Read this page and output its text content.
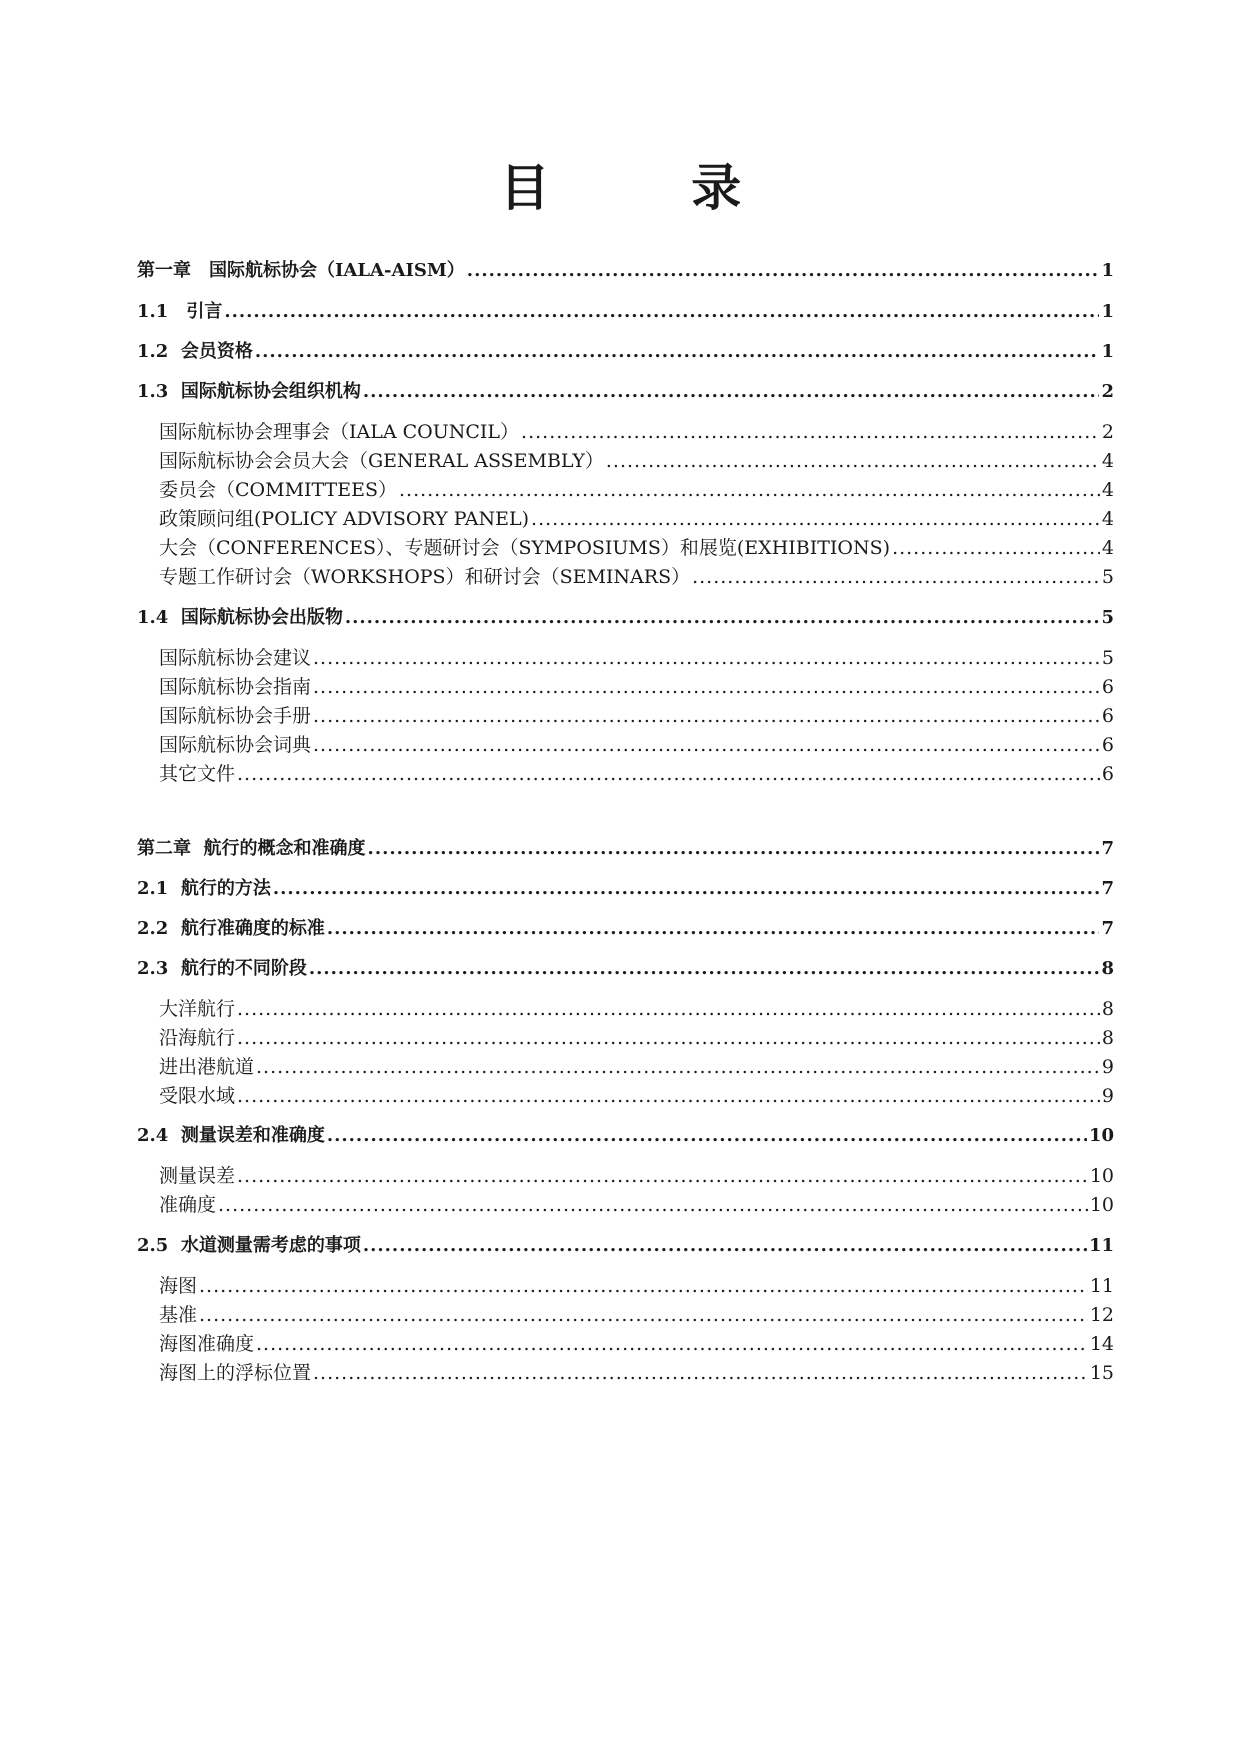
目 录
第一章　国际航标协会（IALA-AISM） .....	1
1.1　引言 .....	1
1.2  会员资格 .....	1
1.3  国际航标协会组织机构 .....	2
国际航标协会理事会（IALA COUNCIL） .....	2
国际航标协会会员大会（GENERAL ASSEMBLY） .....	4
委员会（COMMITTEES） .....	4
政策顾问组(POLICY ADVISORY PANEL) .....	4
大会（CONFERENCES）、专题研讨会（SYMPOSIUMS）和展览(EXHIBITIONS) .....	4
专题工作研讨会（WORKSHOPS）和研讨会（SEMINARS） .....	5
1.4  国际航标协会出版物 .....	5
国际航标协会建议 .....	5
国际航标协会指南 .....	6
国际航标协会手册 .....	6
国际航标协会词典 .....	6
其它文件 .....	6
第二章  航行的概念和准确度 .....	7
2.1  航行的方法 .....	7
2.2  航行准确度的标准 .....	7
2.3  航行的不同阶段 .....	8
大洋航行 .....	8
沿海航行 .....	8
进出港航道 .....	9
受限水域 .....	9
2.4  测量误差和准确度 .....	10
测量误差 .....	10
准确度 .....	10
2.5  水道测量需考虑的事项 .....	11
海图 .....	11
基准 .....	12
海图准确度 .....	14
海图上的浮标位置 .....	15
